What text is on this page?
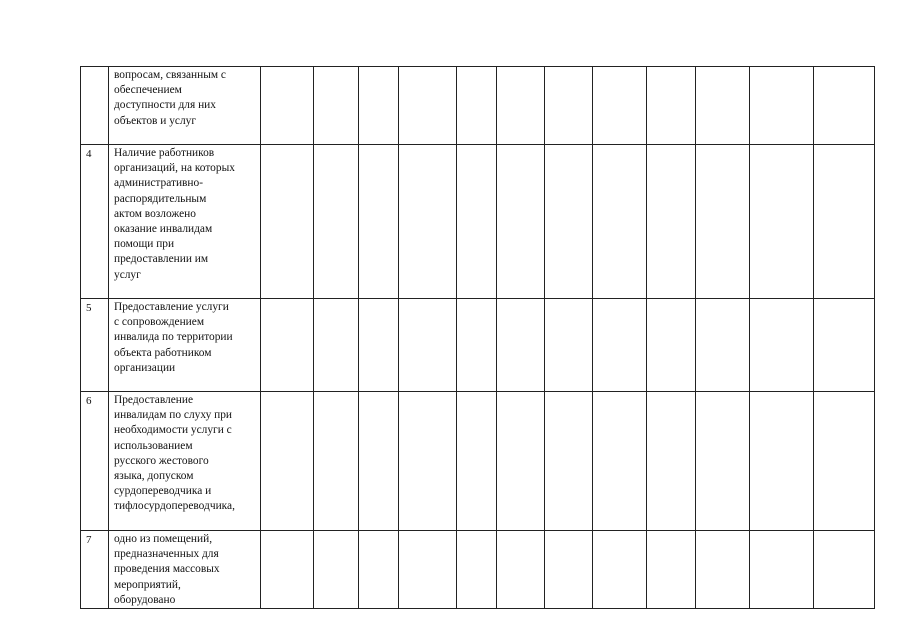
вопросам, связанным с
обеспечением
доступности для них
объектов и услуг
4	Наличие работников
организаций, на которых
административно-
распорядительным
актом возложено
оказание инвалидам
помощи при
предоставлении им
услуг
5	Предоставление услуги
с сопровождением
инвалида по территории
объекта работником
организации
6	Предоставление
инвалидам по слуху при
необходимости услуги с
использованием
русского жестового
языка, допуском
сурдопереводчика и
тифлосурдопереводчика,
7	одно из помещений,
предназначенных для
проведения массовых
мероприятий,
оборудовано
